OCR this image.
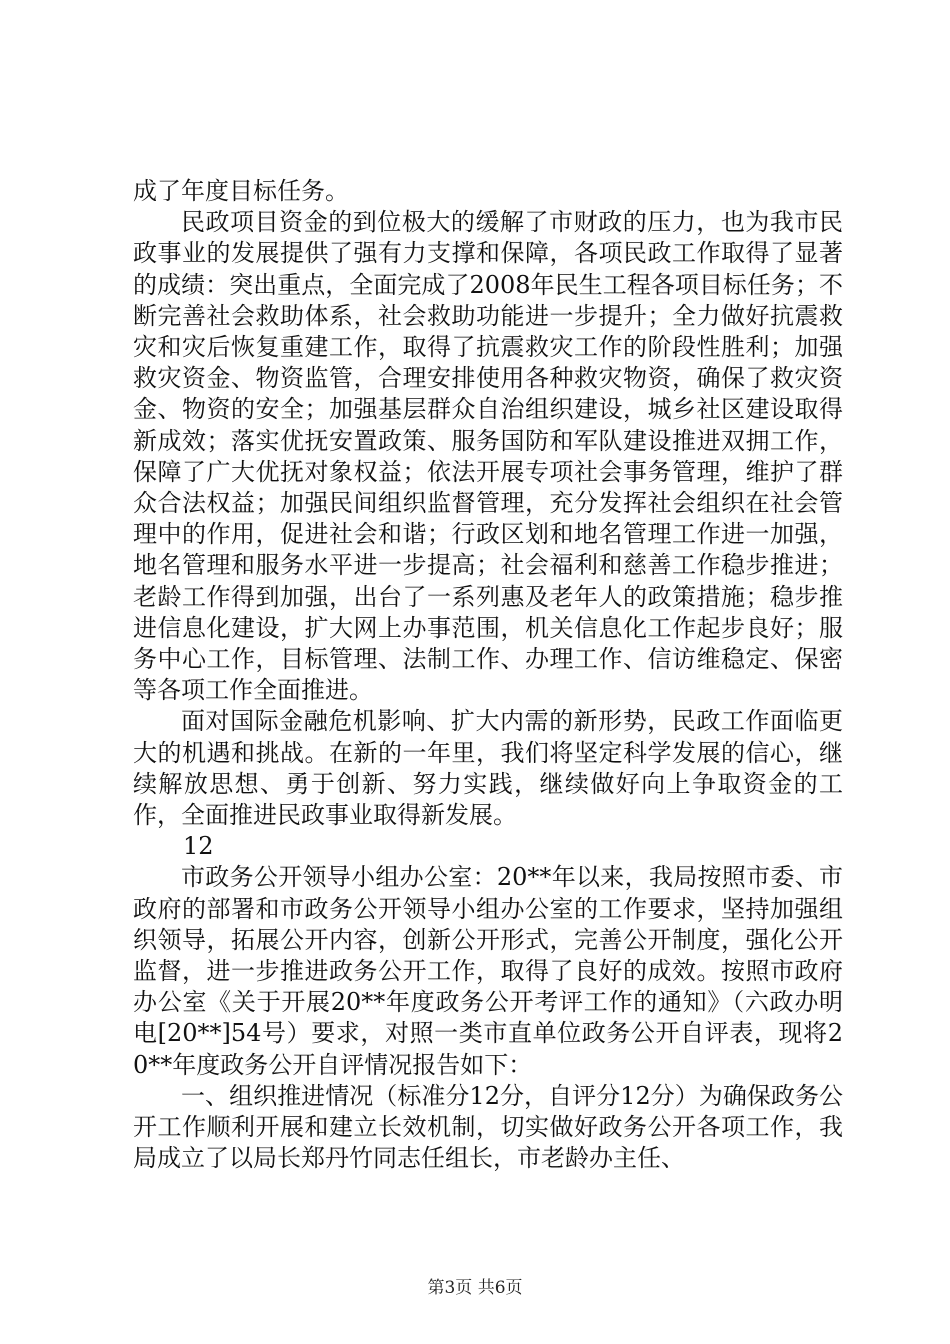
成了年度目标任务。

民政项目资金的到位极大的缓解了市财政的压力，也为我市民政事业的发展提供了强有力支撑和保障，各项民政工作取得了显著的成绩：突出重点，全面完成了2008年民生工程各项目标任务；不断完善社会救助体系，社会救助功能进一步提升；全力做好抗震救灾和灾后恢复重建工作，取得了抗震救灾工作的阶段性胜利；加强救灾资金、物资监管，合理安排使用各种救灾物资，确保了救灾资金、物资的安全；加强基层群众自治组织建设，城乡社区建设取得新成效；落实优抚安置政策、服务国防和军队建设推进双拥工作，保障了广大优抚对象权益；依法开展专项社会事务管理，维护了群众合法权益；加强民间组织监督管理，充分发挥社会组织在社会管理中的作用，促进社会和谐；行政区划和地名管理工作进一加强，地名管理和服务水平进一步提高；社会福利和慈善工作稳步推进；老龄工作得到加强，出台了一系列惠及老年人的政策措施；稳步推进信息化建设，扩大网上办事范围，机关信息化工作起步良好；服务中心工作，目标管理、法制工作、办理工作、信访维稳定、保密等各项工作全面推进。

面对国际金融危机影响、扩大内需的新形势，民政工作面临更大的机遇和挑战。在新的一年里，我们将坚定科学发展的信心，继续解放思想、勇于创新、努力实践，继续做好向上争取资金的工作，全面推进民政事业取得新发展。

12

市政务公开领导小组办公室：20**年以来，我局按照市委、市政府的部署和市政务公开领导小组办公室的工作要求，坚持加强组织领导，拓展公开内容，创新公开形式，完善公开制度，强化公开监督，进一步推进政务公开工作，取得了良好的成效。按照市政府办公室《关于开展20**年度政务公开考评工作的通知》（六政办明电[20**]54号）要求，对照一类市直单位政务公开自评表，现将20**年度政务公开自评情况报告如下：

一、组织推进情况（标准分12分，自评分12分）为确保政务公开工作顺利开展和建立长效机制，切实做好政务公开各项工作，我局成立了以局长郑丹竹同志任组长，市老龄办主任、

第3页 共6页
